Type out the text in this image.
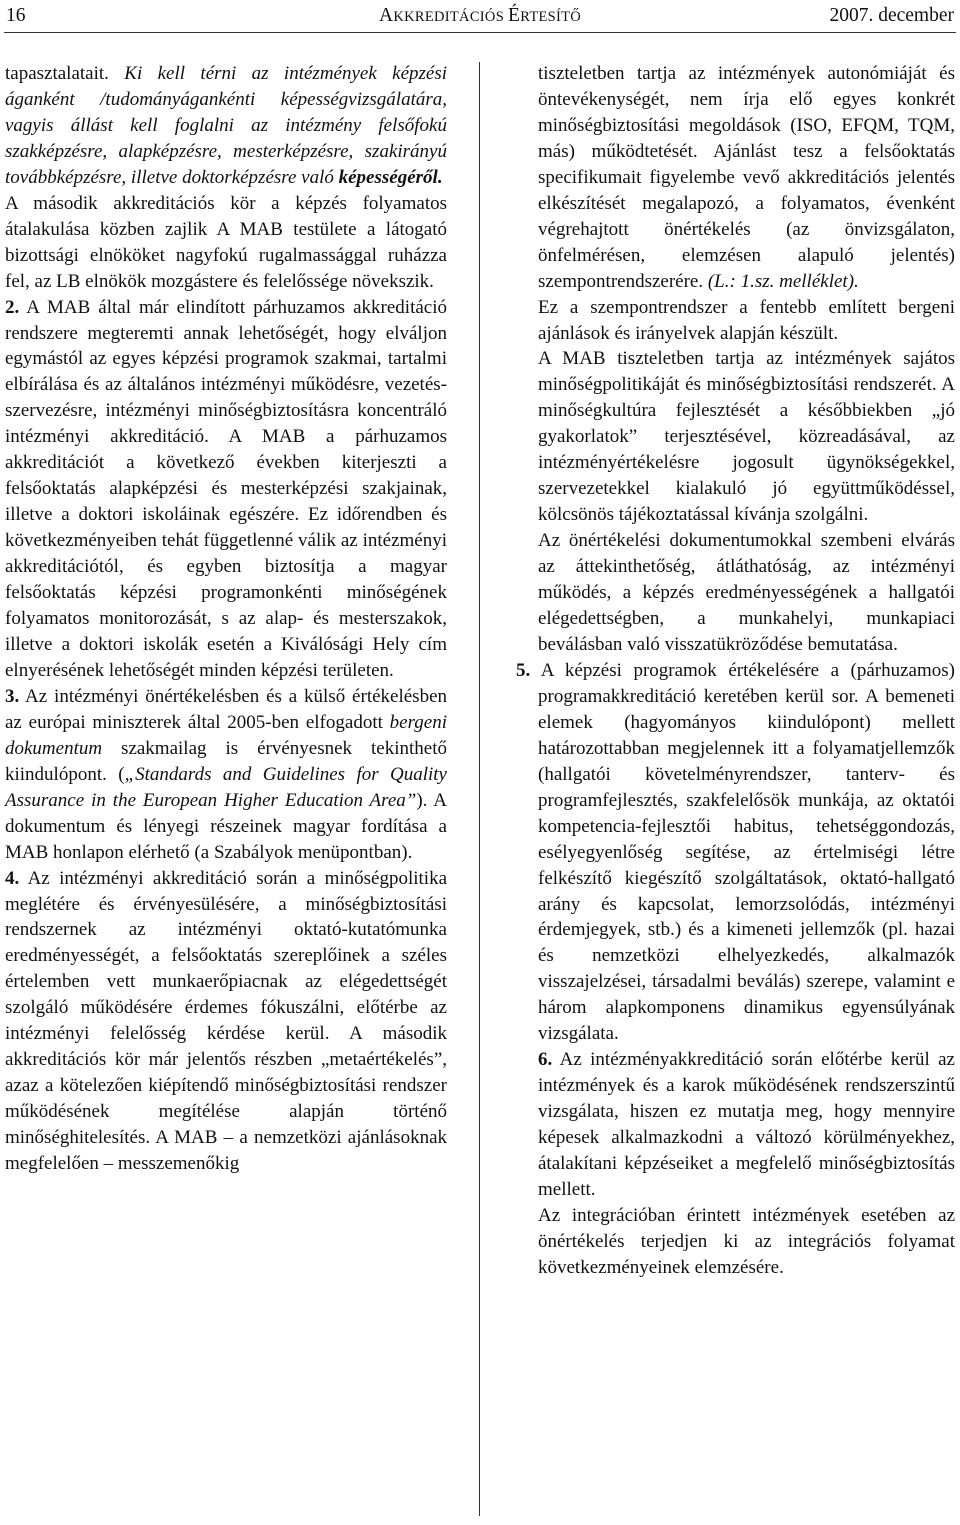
16	AKKREDITÁCIÓS ÉRTESÍTŐ	2007. december

tapasztalatait. Ki kell térni az intézmények képzési áganként /tudományágankénti képességvizsgálatára, vagyis állást kell foglalni az intézmény felsőfokú szakképzésre, alapképzésre, mesterképzésre, szakirányú továbbképzésre, illetve doktorképzésre való képességéről.

A második akkreditációs kör a képzés folyamatos átalakulása közben zajlik A MAB testülete a látogató bizottsági elnököket nagyfokú rugalmassággal ruházza fel, az LB elnökök mozgástere és felelőssége növekszik.

2. A MAB által már elindított párhuzamos akkreditáció rendszere megteremti annak lehetőségét, hogy elváljon egymástól az egyes képzési programok szakmai, tartalmi elbírálása és az általános intézményi működésre, vezetés-szervezésre, intézményi minőségbiztosításra koncentráló intézményi akkreditáció. A MAB a párhuzamos akkreditációt a következő években kiterjeszti a felsőoktatás alapképzési és mesterképzési szakjainak, illetve a doktori iskoláinak egészére. Ez időrendben és következményeiben tehát függetlenné válik az intézményi akkreditációtól, és egyben biztosítja a magyar felsőoktatás képzési programonkénti minőségének folyamatos monitorozását, s az alap- és mesterszakok, illetve a doktori iskolák esetén a Kiválósági Hely cím elnyerésének lehetőségét minden képzési területen.

3. Az intézményi önértékelésben és a külső értékelésben az európai miniszterek által 2005-ben elfogadott bergeni dokumentum szakmailag is érvényesnek tekinthető kiindulópont. („Standards and Guidelines for Quality Assurance in the European Higher Education Area”). A dokumentum és lényegi részeinek magyar fordítása a MAB honlapon elérhető (a Szabályok menüpontban).

4. Az intézményi akkreditáció során a minőségpolitika meglétére és érvényesülésére, a minőségbiztosítási rendszernek az intézményi oktató-kutatómunka eredményességét, a felsőoktatás szereplőinek a széles értelemben vett munkaerőpiacnak az elégedettségét szolgáló működésére érdemes fókuszálni, előtérbe az intézményi felelősség kérdése kerül. A második akkreditációs kör már jelentős részben „metaértékelés”, azaz a kötelezően kiépítendő minőségbiztosítási rendszer működésének megítélése alapján történő minőséghitelesítés. A MAB – a nemzetközi ajánlásoknak megfelelően – messzemenőkig

tiszteletben tartja az intézmények autonómiáját és öntevékenységét, nem írja elő egyes konkrét minőségbiztosítási megoldások (ISO, EFQM, TQM, más) működtetését. Ajánlást tesz a felsőoktatás specifikumait figyelembe vevő akkreditációs jelentés elkészítését megalapozó, a folyamatos, évenként végrehajtott önértékelés (az önvizsgálaton, önfelmérésen, elemzésen alapuló jelentés) szempontrendszerére. (L.: 1.sz. melléklet).

Ez a szempontrendszer a fentebb említett bergeni ajánlások és irányelvek alapján készült.

A MAB tiszteletben tartja az intézmények sajátos minőségpolitikáját és minőségbiztosítási rendszerét. A minőségkultúra fejlesztését a későbbiekben „jó gyakorlatok” terjesztésével, közreadásával, az intézményértékelésre jogosult ügynökségekkel, szervezetekkel kialakuló jó együttműködéssel, kölcsönös tájékoztatással kívánja szolgálni.

Az önértékelési dokumentumokkal szembeni elvárás az áttekinthetőség, átláthatóság, az intézményi működés, a képzés eredményességének a hallgatói elégedettségben, a munkahelyi, munkapiaci beválásban való visszatükröződése bemutatása.

5. A képzési programok értékelésére a (párhuzamos) programakkreditáció keretében kerül sor. A bemeneti elemek (hagyományos kiindulópont) mellett határozottabban megjelennek itt a folyamatjellemzők (hallgatói követelményrendszer, tanterv- és programfejlesztés, szakfelelősök munkája, az oktatói kompetencia-fejlesztői habitus, tehetséggondozás, esélyegyenlőség segítése, az értelmiségi létre felkészítő kiegészítő szolgáltatások, oktató-hallgató arány és kapcsolat, lemorzsolódás, intézményi érdemjegyek, stb.) és a kimeneti jellemzők (pl. hazai és nemzetközi elhelyezkedés, alkalmazók visszajelzései, társadalmi beválás) szerepe, valamint e három alapkomponens dinamikus egyensúlyának vizsgálata.

6. Az intézményakkreditáció során előtérbe kerül az intézmények és a karok működésének rendszerszintű vizsgálata, hiszen ez mutatja meg, hogy mennyire képesek alkalmazkodni a változó körülményekhez, átalakítani képzéseiket a megfelelő minőségbiztosítás mellett.

Az integrációban érintett intézmények esetében az önértékelés terjedjen ki az integrációs folyamat következményeinek elemzésére.
